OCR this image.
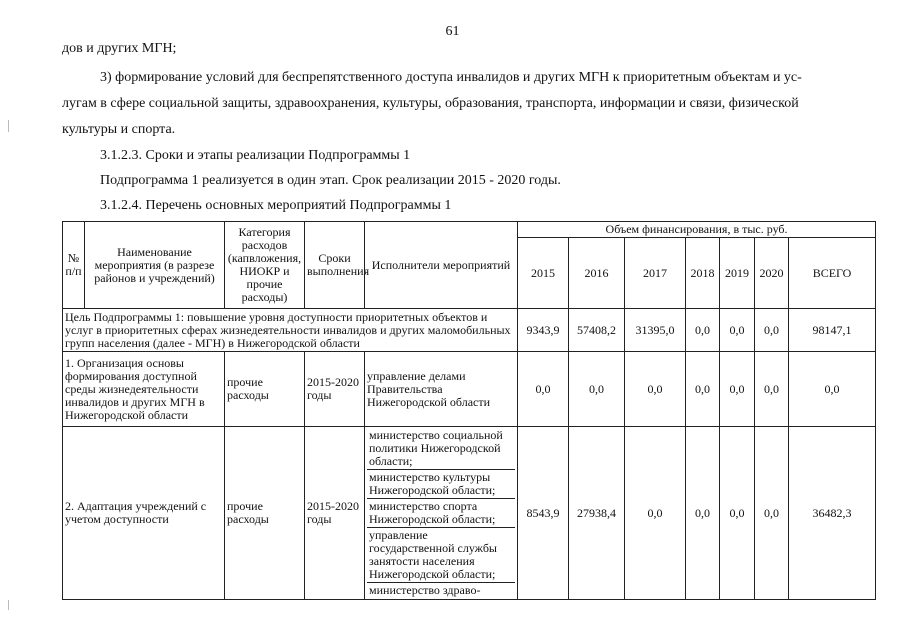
61
дов и других МГН;
3) формирование условий для беспрепятственного доступа инвалидов и других МГН к приоритетным объектам и ус-
лугам в сфере социальной защиты, здравоохранения, культуры, образования, транспорта, информации и связи, физической
культуры и спорта.
3.1.2.3. Сроки и этапы реализации Подпрограммы 1
Подпрограмма 1 реализуется в один этап. Срок реализации 2015 - 2020 годы.
3.1.2.4. Перечень основных мероприятий Подпрограммы 1
№ п/п	Наименование мероприятия (в разрезе районов и учреждений)	Категория расходов (капвложения, НИОКР и прочие расходы)	Сроки выполнения	Исполнители мероприятий	Объем финансирования, в тыс. руб.						
					2015	2016	2017	2018	2019	2020	ВСЕГО
Цель Подпрограммы 1: повышение уровня доступности приоритетных объектов и услуг в приоритетных сферах жизнедеятельности инвалидов и других маломобильных групп населения (далее - МГН) в Нижегородской области					9343,9	57408,2	31395,0	0,0	0,0	0,0	98147,1
1. Организация основы формирования доступной среды жизнедеятельности инвалидов и других МГН в Нижегородской области		прочие расходы	2015-2020 годы	управление делами Правительства Нижегородской области	0,0	0,0	0,0	0,0	0,0	0,0	0,0
2. Адаптация учреждений с учетом доступности		прочие расходы	2015-2020 годы	министерство социальной политики Нижегородской области;
министерство культуры Нижегородской области;
министерство спорта Нижегородской области;
управление государственной службы занятости населения Нижегородской области;
министерство здраво-	8543,9	27938,4	0,0	0,0	0,0	0,0	36482,3
